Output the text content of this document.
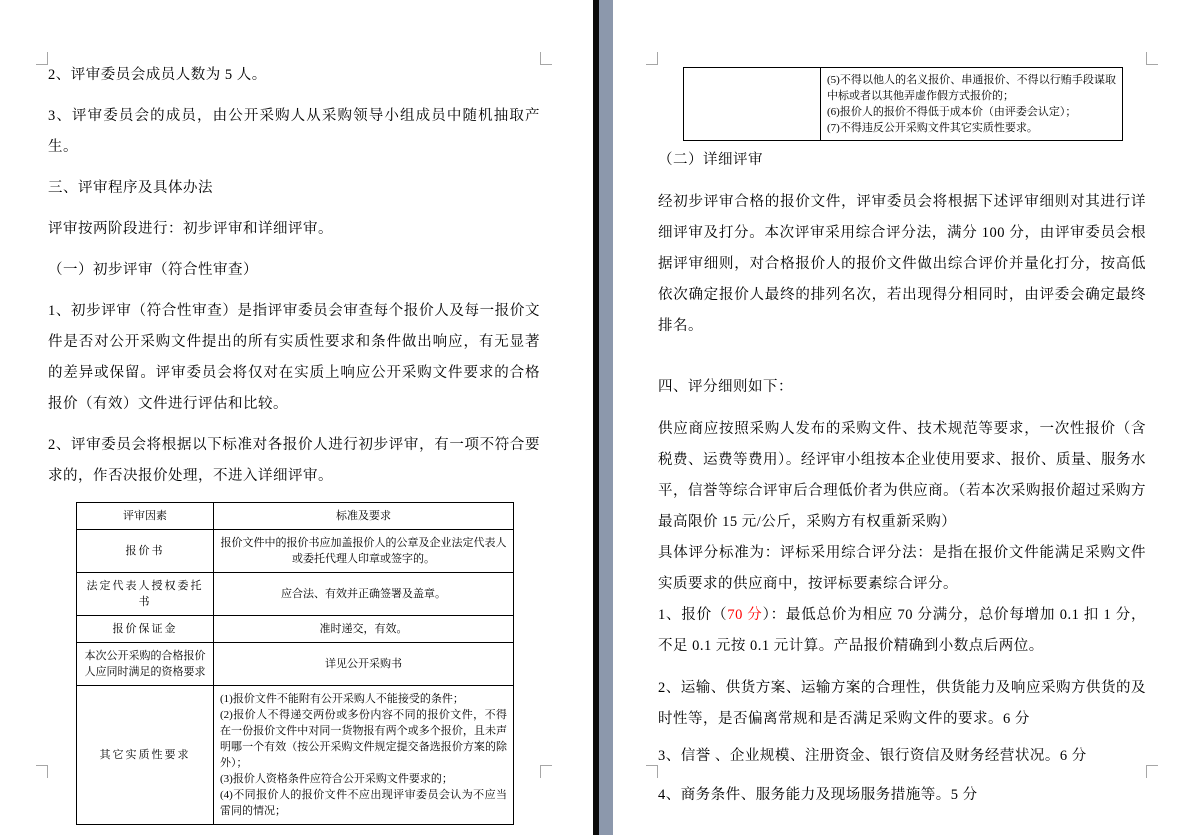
2、评审委员会成员人数为 5 人。

3、评审委员会的成员，由公开采购人从采购领导小组成员中随机抽取产生。

三、评审程序及具体办法

评审按两阶段进行：初步评审和详细评审。

（一）初步评审（符合性审查）

1、初步评审（符合性审查）是指评审委员会审查每个报价人及每一报价文件是否对公开采购文件提出的所有实质性要求和条件做出响应，有无显著的差异或保留。评审委员会将仅对在实质上响应公开采购文件要求的合格报价（有效）文件进行评估和比较。

2、评审委员会将根据以下标准对各报价人进行初步评审，有一项不符合要求的，作否决报价处理，不进入详细评审。

评审因素	标准及要求
报价书	报价文件中的报价书应加盖报价人的公章及企业法定代表人或委托代理人印章或签字的。
法定代表人授权委托书	应合法、有效并正确签署及盖章。
报价保证金	准时递交，有效。
本次公开采购的合格报价人应同时满足的资格要求	详见公开采购书
其它实质性要求	(1)报价文件不能附有公开采购人不能接受的条件；
(2)报价人不得递交两份或多份内容不同的报价文件，不得在一份报价文件中对同一货物报有两个或多个报价，且未声明哪一个有效（按公开采购文件规定提交备选报价方案的除外）；
(3)报价人资格条件应符合公开采购文件要求的；
(4)不同报价人的报价文件不应出现评审委员会认为不应当雷同的情况；

(5)不得以他人的名义报价、串通报价、不得以行贿手段谋取中标或者以其他弄虚作假方式报价的；
(6)报价人的报价不得低于成本价（由评委会认定）；
(7)不得违反公开采购文件其它实质性要求。

（二）详细评审

经初步评审合格的报价文件，评审委员会将根据下述评审细则对其进行详细评审及打分。本次评审采用综合评分法，满分 100 分，由评审委员会根据评审细则，对合格报价人的报价文件做出综合评价并量化打分，按高低依次确定报价人最终的排列名次，若出现得分相同时，由评委会确定最终排名。

四、评分细则如下：

供应商应按照采购人发布的采购文件、技术规范等要求，一次性报价（含税费、运费等费用）。经评审小组按本企业使用要求、报价、质量、服务水平，信誉等综合评审后合理低价者为供应商。（若本次采购报价超过采购方最高限价 15 元/公斤，采购方有权重新采购）

具体评分标准为：评标采用综合评分法：是指在报价文件能满足采购文件实质要求的供应商中，按评标要素综合评分。

1、报价（70 分）：最低总价为相应 70 分满分，总价每增加 0.1 扣 1 分，不足 0.1 元按 0.1 元计算。产品报价精确到小数点后两位。

2、运输、供货方案、运输方案的合理性，供货能力及响应采购方供货的及时性等，是否偏离常规和是否满足采购文件的要求。6 分

3、信誉 、企业规模、注册资金、银行资信及财务经营状况。6 分

4、商务条件、服务能力及现场服务措施等。5 分
